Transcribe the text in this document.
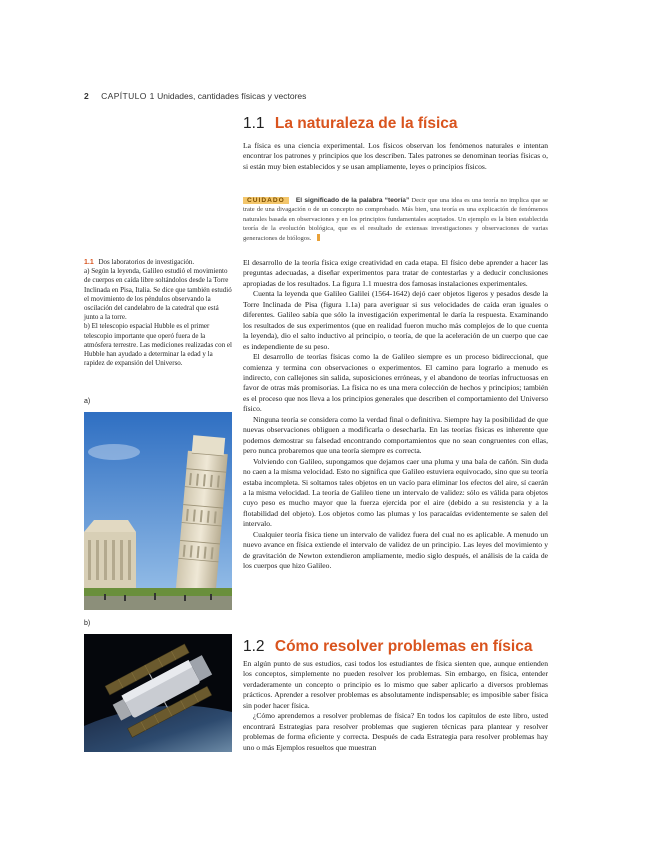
2 CAPÍTULO 1 Unidades, cantidades físicas y vectores
1.1 La naturaleza de la física

La física es una ciencia experimental. Los físicos observan los fenómenos naturales e intentan encontrar los patrones y principios que los describen. Tales patrones se denominan teorías físicas o, si están muy bien establecidos y se usan ampliamente, leyes o principios físicos.

CUIDADO El significado de la palabra “teoría” Decir que una idea es una teoría no implica que se trate de una divagación o de un concepto no comprobado. Más bien, una teoría es una explicación de fenómenos naturales basada en observaciones y en los principios fundamentales aceptados. Un ejemplo es la bien establecida teoría de la evolución biológica, que es el resultado de extensas investigaciones y observaciones de varias generaciones de biólogos.
1.1 Dos laboratorios de investigación.
a) Según la leyenda, Galileo estudió el movimiento de cuerpos en caída libre soltándolos desde la Torre Inclinada en Pisa, Italia. Se dice que también estudió el movimiento de los péndulos observando la oscilación del candelabro de la catedral que está junto a la torre.
b) El telescopio espacial Hubble es el primer telescopio importante que operó fuera de la atmósfera terrestre. Las mediciones realizadas con el Hubble han ayudado a determinar la edad y la rapidez de expansión del Universo.
a)
b)

El desarrollo de la teoría física exige creatividad en cada etapa. El físico debe aprender a hacer las preguntas adecuadas, a diseñar experimentos para tratar de contestarlas y a deducir conclusiones apropiadas de los resultados. La figura 1.1 muestra dos famosas instalaciones experimentales.

Cuenta la leyenda que Galileo Galilei (1564-1642) dejó caer objetos ligeros y pesados desde la Torre Inclinada de Pisa (figura 1.1a) para averiguar si sus velocidades de caída eran iguales o diferentes. Galileo sabía que sólo la investigación experimental le daría la respuesta. Examinando los resultados de sus experimentos (que en realidad fueron mucho más complejos de lo que cuenta la leyenda), dio el salto inductivo al principio, o teoría, de que la aceleración de un cuerpo que cae es independiente de su peso.

El desarrollo de teorías físicas como la de Galileo siempre es un proceso bidireccional, que comienza y termina con observaciones o experimentos. El camino para lograrlo a menudo es indirecto, con callejones sin salida, suposiciones erróneas, y el abandono de teorías infructuosas en favor de otras más promisorias. La física no es una mera colección de hechos y principios; también es el proceso que nos lleva a los principios generales que describen el comportamiento del Universo físico.

Ninguna teoría se considera como la verdad final o definitiva. Siempre hay la posibilidad de que nuevas observaciones obliguen a modificarla o desecharla. En las teorías físicas es inherente que podemos demostrar su falsedad encontrando comportamientos que no sean congruentes con ellas, pero nunca probaremos que una teoría siempre es correcta.

Volviendo con Galileo, supongamos que dejamos caer una pluma y una bala de cañón. Sin duda no caen a la misma velocidad. Esto no significa que Galileo estuviera equivocado, sino que su teoría estaba incompleta. Si soltamos tales objetos en un vacío para eliminar los efectos del aire, sí caerán a la misma velocidad. La teoría de Galileo tiene un intervalo de validez: sólo es válida para objetos cuyo peso es mucho mayor que la fuerza ejercida por el aire (debido a su resistencia y a la flotabilidad del objeto). Los objetos como las plumas y los paracaídas evidentemente se salen del intervalo.

Cualquier teoría física tiene un intervalo de validez fuera del cual no es aplicable. A menudo un nuevo avance en física extiende el intervalo de validez de un principio. Las leyes del movimiento y de gravitación de Newton extendieron ampliamente, medio siglo después, el análisis de la caída de los cuerpos que hizo Galileo.

1.2 Cómo resolver problemas en física

En algún punto de sus estudios, casi todos los estudiantes de física sienten que, aunque entienden los conceptos, simplemente no pueden resolver los problemas. Sin embargo, en física, entender verdaderamente un concepto o principio es lo mismo que saber aplicarlo a diversos problemas prácticos. Aprender a resolver problemas es absolutamente indispensable; es imposible saber física sin poder hacer física.

¿Cómo aprendemos a resolver problemas de física? En todos los capítulos de este libro, usted encontrará Estrategias para resolver problemas que sugieren técnicas para plantear y resolver problemas de forma eficiente y correcta. Después de cada Estrategia para resolver problemas hay uno o más Ejemplos resueltos que muestran
